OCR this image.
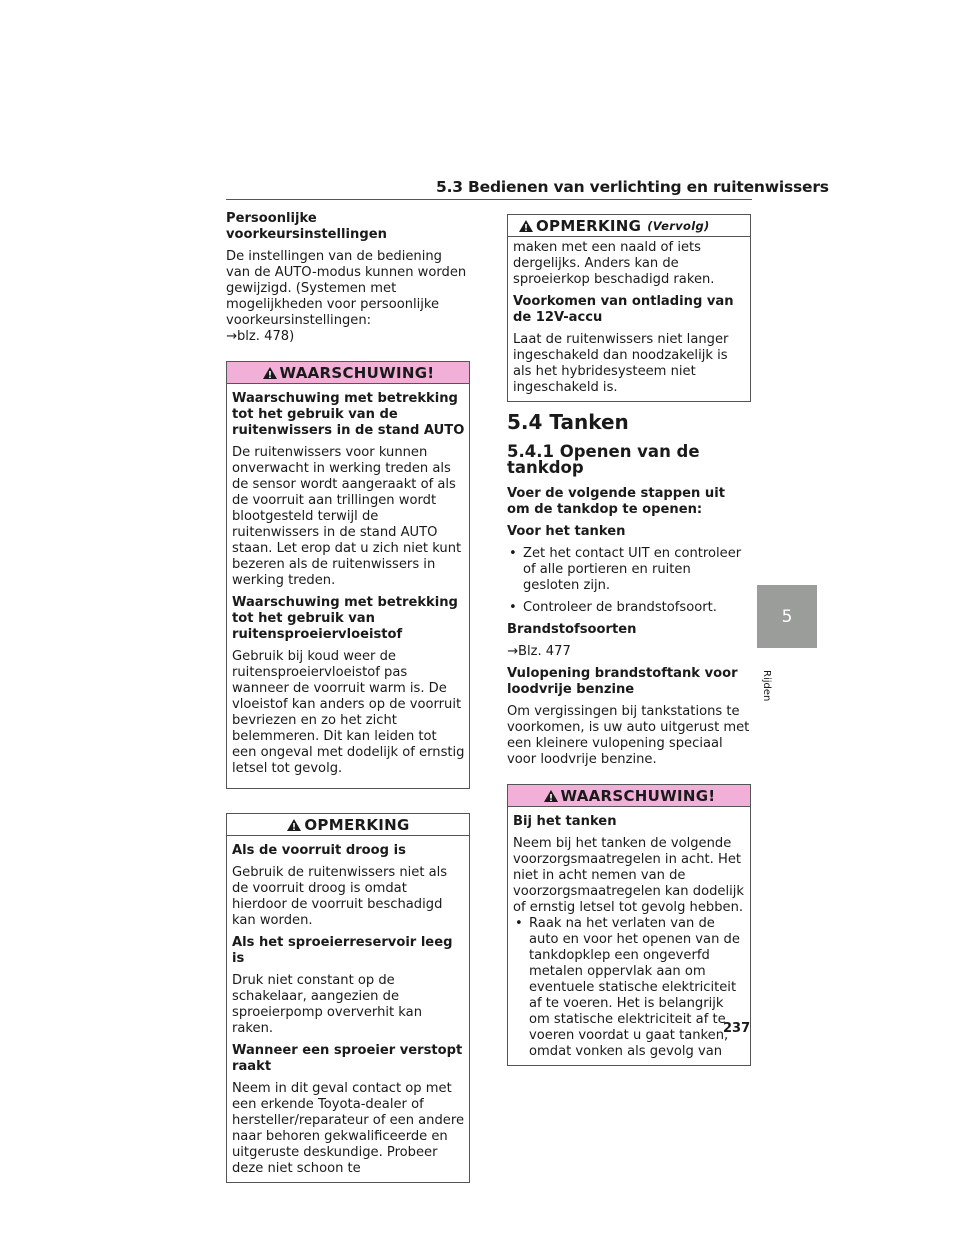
5.3 Bedienen van verlichting en ruitenwissers

Persoonlijke voorkeursinstellingen

De instellingen van de bediening van de AUTO-modus kunnen worden gewijzigd. (Systemen met mogelijkheden voor persoonlijke voorkeursinstellingen:

→blz. 478)

WAARSCHUWING!

Waarschuwing met betrekking tot het gebruik van de ruitenwissers in de stand AUTO

De ruitenwissers voor kunnen onverwacht in werking treden als de sensor wordt aangeraakt of als de voorruit aan trillingen wordt blootgesteld terwijl de ruitenwissers in de stand AUTO staan. Let erop dat u zich niet kunt bezeren als de ruitenwissers in werking treden.

Waarschuwing met betrekking tot het gebruik van ruitensproeiervloeistof

Gebruik bij koud weer de ruitensproeiervloeistof pas wanneer de voorruit warm is. De vloeistof kan anders op de voorruit bevriezen en zo het zicht belemmeren. Dit kan leiden tot een ongeval met dodelijk of ernstig letsel tot gevolg.

OPMERKING

Als de voorruit droog is

Gebruik de ruitenwissers niet als de voorruit droog is omdat hierdoor de voorruit beschadigd kan worden.

Als het sproeierreservoir leeg is

Druk niet constant op de schakelaar, aangezien de sproeierpomp oververhit kan raken.

Wanneer een sproeier verstopt raakt

Neem in dit geval contact op met een erkende Toyota-dealer of hersteller/reparateur of een andere naar behoren gekwalificeerde en uitgeruste deskundige. Probeer deze niet schoon te

OPMERKING (Vervolg)

maken met een naald of iets dergelijks. Anders kan de sproeierkop beschadigd raken.

Voorkomen van ontlading van de 12V-accu

Laat de ruitenwissers niet langer ingeschakeld dan noodzakelijk is als het hybridesysteem niet ingeschakeld is.

5.4 Tanken
5.4.1 Openen van de tankdop

Voer de volgende stappen uit om de tankdop te openen:

Voor het tanken

• Zet het contact UIT en controleer of alle portieren en ruiten gesloten zijn.
• Controleer de brandstofsoort.

Brandstofsoorten

→Blz. 477

Vulopening brandstoftank voor loodvrije benzine

Om vergissingen bij tankstations te voorkomen, is uw auto uitgerust met een kleinere vulopening speciaal voor loodvrije benzine.

WAARSCHUWING!

Bij het tanken

Neem bij het tanken de volgende voorzorgsmaatregelen in acht. Het niet in acht nemen van de voorzorgsmaatregelen kan dodelijk of ernstig letsel tot gevolg hebben.

• Raak na het verlaten van de auto en voor het openen van de tankdopklep een ongeverfd metalen oppervlak aan om eventuele statische elektriciteit af te voeren. Het is belangrijk om statische elektriciteit af te voeren voordat u gaat tanken, omdat vonken als gevolg van
5
Rijden
237
